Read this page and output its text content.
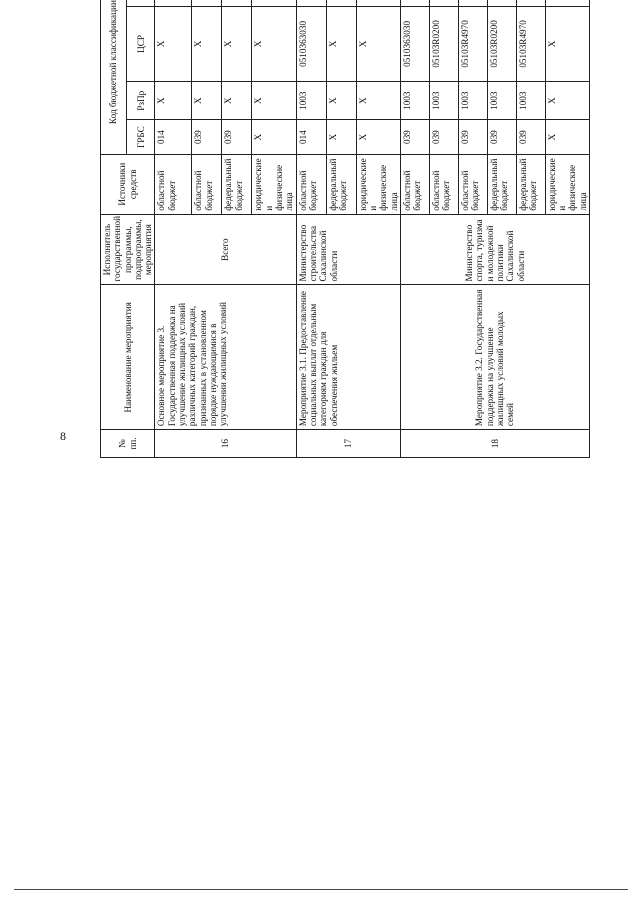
8
№ пп.	Наименование мероприятия	Исполнитель государственной программы, подпрограммы, мероприятия	Источники средств	Код бюджетной классификации	
				ГРБС	РзПр	ЦСР						

16	Основное мероприятие 3. Государственная поддержка на улучшение жилищных условий различных категорий граждан, признанных в установленном порядке нуждающимися в улучшении жилищных условий	Всего	областной бюджет	014	X	X						
			областной бюджет	039	X	X						
			федеральный бюджет	039	X	X						
			юридические и физические лица	X	X	X						
17	Мероприятие 3.1. Предоставление социальных выплат отдельным категориям граждан для обеспечения жильем	Министерство строительства Сахалинской области	областной бюджет	014	1003	0510363030						
			федеральный бюджет	X	X	X						
			юридические и физические лица	X	X	X						
18	Мероприятие 3.2. Государственная поддержка на улучшение жилищных условий молодых семей	Министерство спорта, туризма и молодежной политики Сахалинской области	областной бюджет	039	1003	0510363030						
			областной бюджет	039	1003	05103R0200						
			областной бюджет	039	1003	05103R4970						
			федеральный бюджет	039	1003	05103R0200						
			федеральный бюджет	039	1003	05103R4970						
			юридические и физические лица	X	X	X						
